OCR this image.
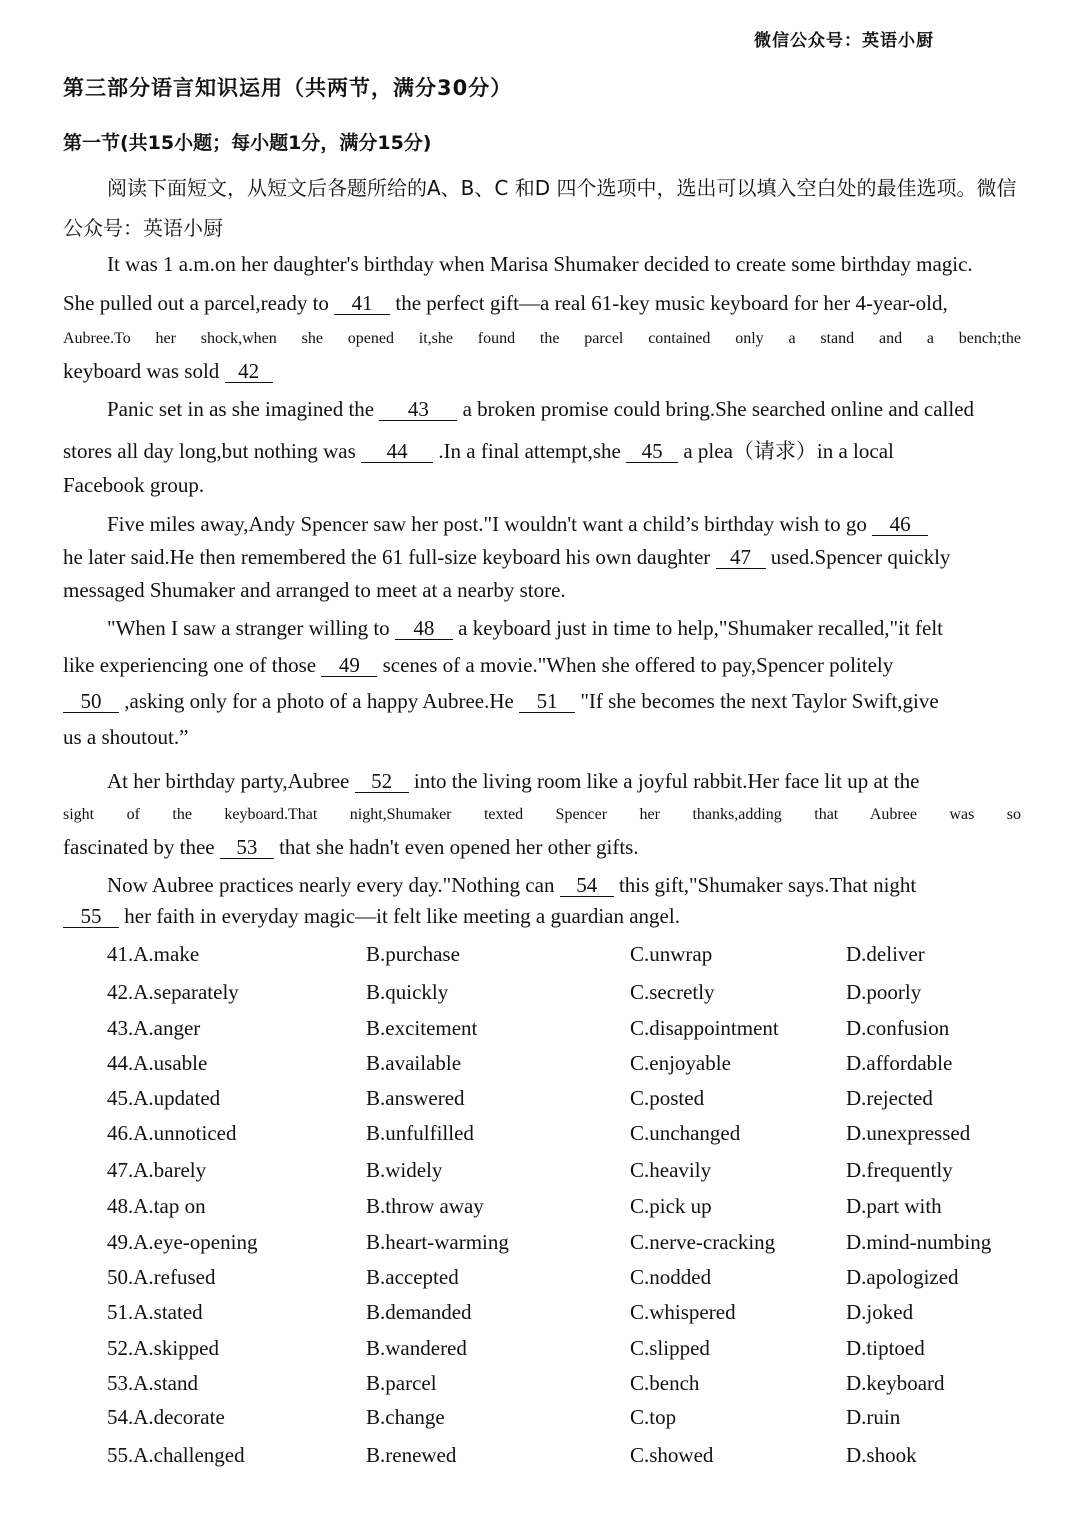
微信公众号：英语小厨
第三部分语言知识运用（共两节，满分30分）
第一节(共15小题；每小题1分，满分15分)
阅读下面短文，从短文后各题所给的A、B、C 和D 四个选项中，选出可以填入空白处的最佳选项。微信公众号：英语小厨
It was 1 a.m.on her daughter's birthday when Marisa Shumaker decided to create some birthday magic.
She pulled out a parcel,ready to 41 the perfect gift—a real 61-key music keyboard for her 4-year-old,
Aubree.To her shock,when she opened it,she found the parcel contained only a stand and a bench;the
keyboard was sold 42
Panic set in as she imagined the 43 a broken promise could bring.She searched online and called
stores all day long,but nothing was 44 .In a final attempt,she 45 a plea（请求）in a local
Facebook group.
Five miles away,Andy Spencer saw her post."I wouldn't want a child’s birthday wish to go 46
he later said.He then remembered the 61 full-size keyboard his own daughter 47 used.Spencer quickly
messaged Shumaker and arranged to meet at a nearby store.
"When I saw a stranger willing to 48 a keyboard just in time to help,"Shumaker recalled,"it felt
like experiencing one of those 49 scenes of a movie."When she offered to pay,Spencer politely
50 ,asking only for a photo of a happy Aubree.He 51 "If she becomes the next Taylor Swift,give
us a shoutout.”
At her birthday party,Aubree 52 into the living room like a joyful rabbit.Her face lit up at the
sight of the keyboard.That night,Shumaker texted Spencer her thanks,adding that Aubree was so
fascinated by thee 53 that she hadn't even opened her other gifts.
Now Aubree practices nearly every day."Nothing can 54 this gift,"Shumaker says.That night
55 her faith in everyday magic—it felt like meeting a guardian angel.
41.A.make	B.purchase	C.unwrap	D.deliver
42.A.separately	B.quickly	C.secretly	D.poorly
43.A.anger	B.excitement	C.disappointment	D.confusion
44.A.usable	B.available	C.enjoyable	D.affordable
45.A.updated	B.answered	C.posted	D.rejected
46.A.unnoticed	B.unfulfilled	C.unchanged	D.unexpressed
47.A.barely	B.widely	C.heavily	D.frequently
48.A.tap on	B.throw away	C.pick up	D.part with
49.A.eye-opening	B.heart-warming	C.nerve-cracking	D.mind-numbing
50.A.refused	B.accepted	C.nodded	D.apologized
51.A.stated	B.demanded	C.whispered	D.joked
52.A.skipped	B.wandered	C.slipped	D.tiptoed
53.A.stand	B.parcel	C.bench	D.keyboard
54.A.decorate	B.change	C.top	D.ruin
55.A.challenged	B.renewed	C.showed	D.shook
